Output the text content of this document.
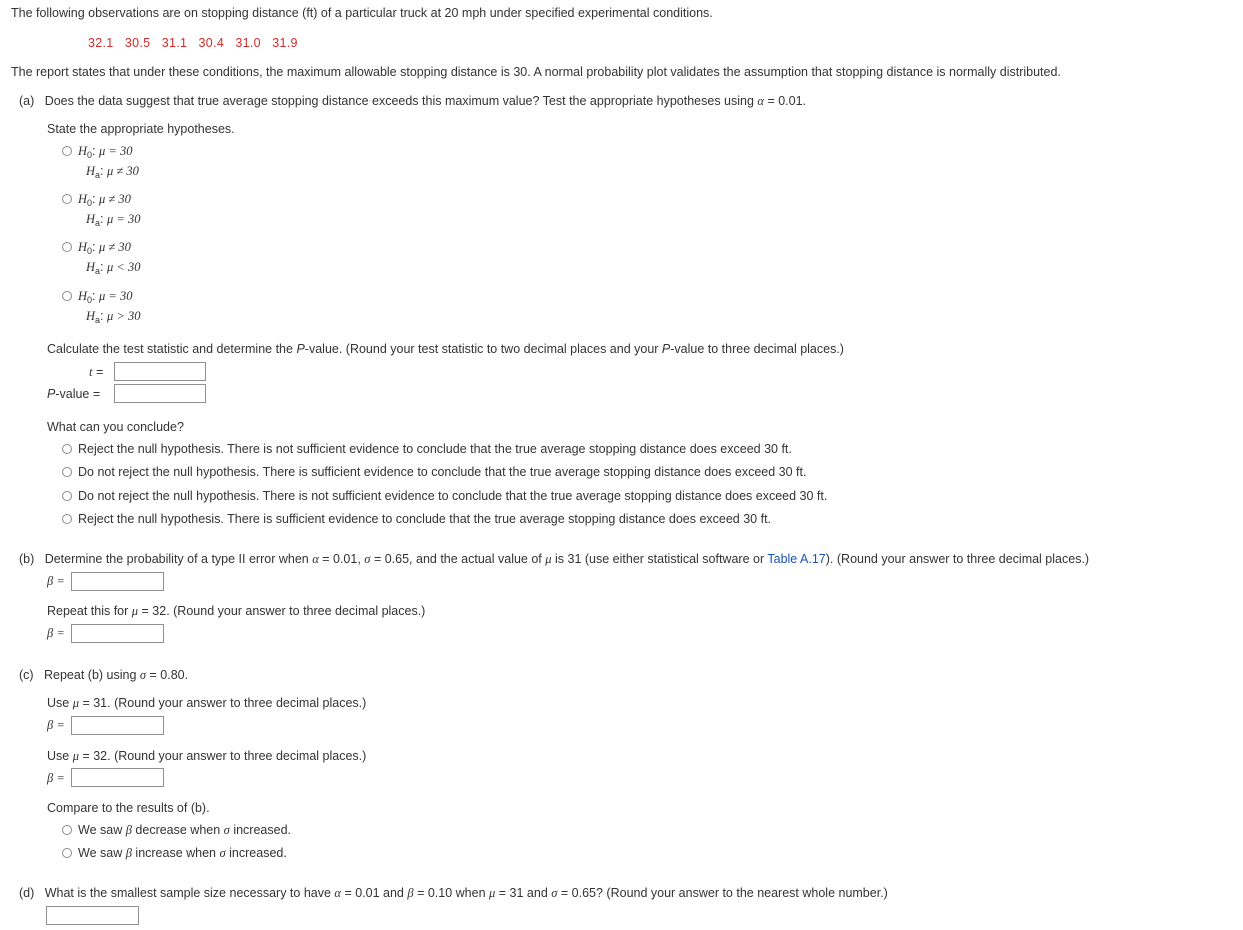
The following observations are on stopping distance (ft) of a particular truck at 20 mph under specified experimental conditions.
32.1   30.5   31.1   30.4   31.0   31.9
The report states that under these conditions, the maximum allowable stopping distance is 30. A normal probability plot validates the assumption that stopping distance is normally distributed.
(a) Does the data suggest that true average stopping distance exceeds this maximum value? Test the appropriate hypotheses using α = 0.01.
State the appropriate hypotheses.
$H_0$: μ = 30
$H_a$: μ ≠ 30
$H_0$: μ ≠ 30
$H_a$: μ = 30
$H_0$: μ ≠ 30
$H_a$: μ < 30
$H_0$: μ = 30
$H_a$: μ > 30
Calculate the test statistic and determine the P-value. (Round your test statistic to two decimal places and your P-value to three decimal places.)
t =
P-value =
What can you conclude?
Reject the null hypothesis. There is not sufficient evidence to conclude that the true average stopping distance does exceed 30 ft.
Do not reject the null hypothesis. There is sufficient evidence to conclude that the true average stopping distance does exceed 30 ft.
Do not reject the null hypothesis. There is not sufficient evidence to conclude that the true average stopping distance does exceed 30 ft.
Reject the null hypothesis. There is sufficient evidence to conclude that the true average stopping distance does exceed 30 ft.
(b) Determine the probability of a type II error when α = 0.01, σ = 0.65, and the actual value of μ is 31 (use either statistical software or Table A.17). (Round your answer to three decimal places.)
β =
Repeat this for μ = 32. (Round your answer to three decimal places.)
β =
(c) Repeat (b) using σ = 0.80.
Use μ = 31. (Round your answer to three decimal places.)
β =
Use μ = 32. (Round your answer to three decimal places.)
β =
Compare to the results of (b).
We saw β decrease when σ increased.
We saw β increase when σ increased.
(d) What is the smallest sample size necessary to have α = 0.01 and β = 0.10 when μ = 31 and σ = 0.65? (Round your answer to the nearest whole number.)
